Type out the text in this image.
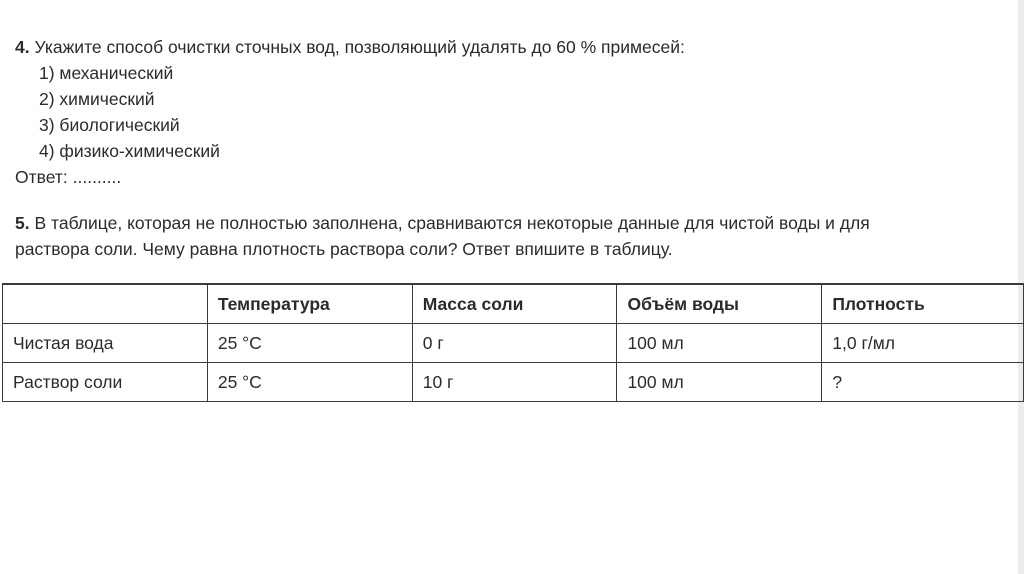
4. Укажите способ очистки сточных вод, позволяющий удалять до 60 % примесей:

1) механический
2) химический
3) биологический
4) физико-химический
Ответ: ..........

5. В таблице, которая не полностью заполнена, сравниваются некоторые данные для чистой воды и для

раствора соли. Чему равна плотность раствора соли? Ответ впишите в таблицу.
	Температура	Масса соли	Объём воды	Плотность
Чистая вода	25 °С	0 г	100 мл	1,0 г/мл
Раствор соли	25 °С	10 г	100 мл	?
